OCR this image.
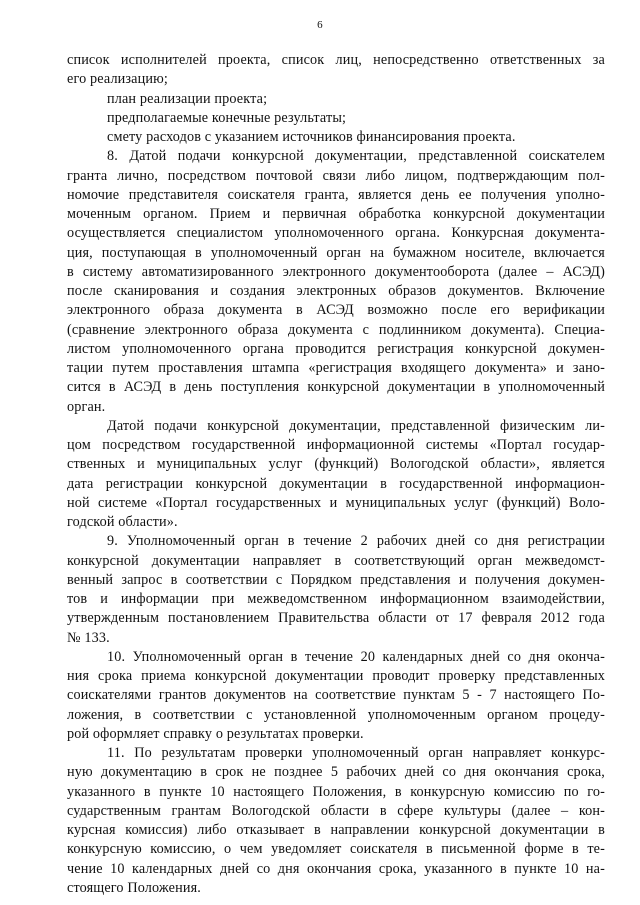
6
список исполнителей проекта, список лиц, непосредственно ответственных за
его реализацию;
план реализации проекта;
предполагаемые конечные результаты;
смету расходов с указанием источников финансирования проекта.
8. Датой подачи конкурсной документации, представленной соискателем
гранта лично, посредством почтовой связи либо лицом, подтверждающим пол-
номочие представителя соискателя гранта, является день ее получения уполно-
моченным органом. Прием и первичная обработка конкурсной документации
осуществляется специалистом уполномоченного органа. Конкурсная документа-
ция, поступающая в уполномоченный орган на бумажном носителе, включается
в систему автоматизированного электронного документооборота (далее – АСЭД)
после сканирования и создания электронных образов документов. Включение
электронного образа документа в АСЭД возможно после его верификации
(сравнение электронного образа документа с подлинником документа). Специа-
листом уполномоченного органа проводится регистрация конкурсной докумен-
тации путем проставления штампа «регистрация входящего документа» и зано-
сится в АСЭД в день поступления конкурсной документации в уполномоченный
орган.
Датой подачи конкурсной документации, представленной физическим ли-
цом посредством государственной информационной системы «Портал государ-
ственных и муниципальных услуг (функций) Вологодской области», является
дата регистрации конкурсной документации в государственной информацион-
ной системе «Портал государственных и муниципальных услуг (функций) Воло-
годской области».
9. Уполномоченный орган в течение 2 рабочих дней со дня регистрации
конкурсной документации направляет в соответствующий орган межведомст-
венный запрос в соответствии с Порядком представления и получения докумен-
тов и информации при межведомственном информационном взаимодействии,
утвержденным постановлением Правительства области от 17 февраля 2012 года
№ 133.
10. Уполномоченный орган в течение 20 календарных дней со дня оконча-
ния срока приема конкурсной документации проводит проверку представленных
соискателями грантов документов на соответствие пунктам 5 - 7 настоящего По-
ложения, в соответствии с установленной уполномоченным органом процеду-
рой оформляет справку о результатах проверки.
11. По результатам проверки уполномоченный орган направляет конкурс-
ную документацию в срок не позднее 5 рабочих дней со дня окончания срока,
указанного в пункте 10 настоящего Положения, в конкурсную комиссию по го-
сударственным грантам Вологодской области в сфере культуры (далее – кон-
курсная комиссия) либо отказывает в направлении конкурсной документации в
конкурсную комиссию, о чем уведомляет соискателя в письменной форме в те-
чение 10 календарных дней со дня окончания срока, указанного в пункте 10 на-
стоящего Положения.
